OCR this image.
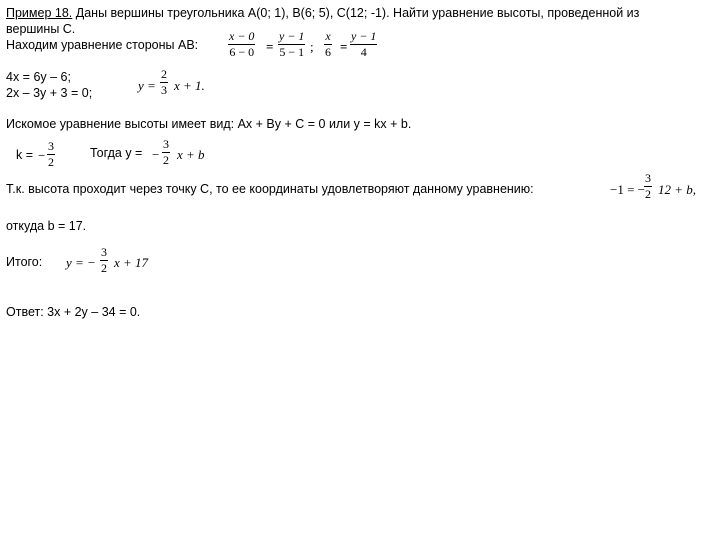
Пример 18. Даны вершины треугольника A(0; 1), B(6; 5), C(12; -1). Найти уравнение высоты, проведенной из
вершины C.
Находим уравнение стороны AB:
x − 0
6 − 0 =
y − 1
5 − 1 ;
x
6 =
y − 1
4
4x = 6y – 6;
2x – 3y + 3 = 0;	y =
2
3 x + 1.
Искомое уравнение высоты имеет вид: Ax + By + C = 0 или y = kx + b.
k = −
3
2
Тогда y = −
3
2 x + b
Т.к. высота проходит через точку C, то ее координаты удовлетворяют данному уравнению:	−1 = −
3
2 12 + b,
откуда b = 17.
Итого: y = −
3
2 x + 17
Ответ: 3x + 2y – 34 = 0.
